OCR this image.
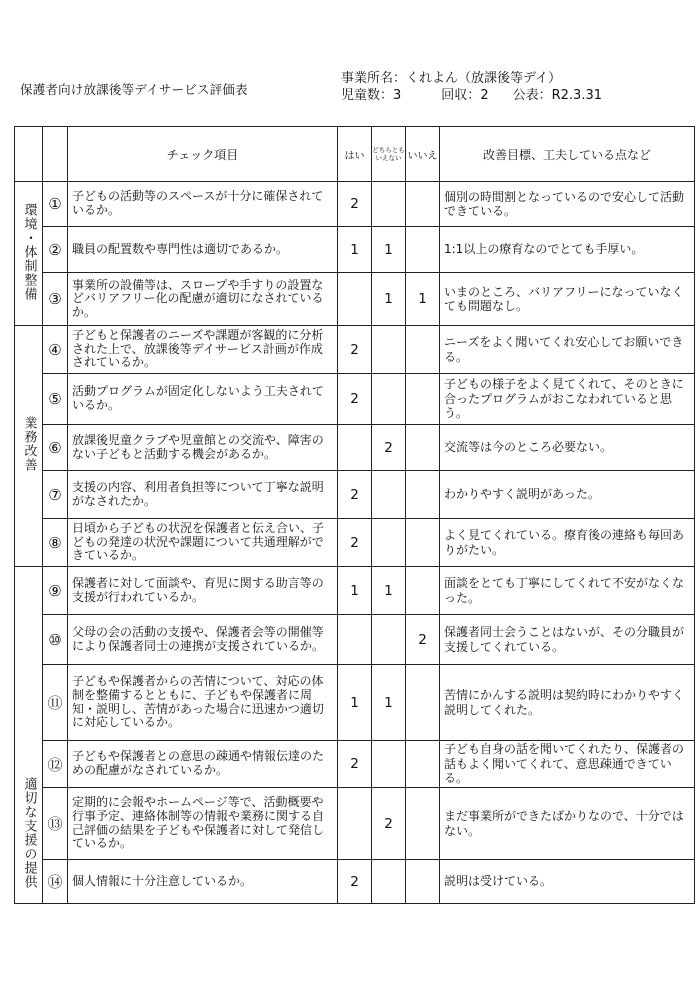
保護者向け放課後等デイサービス評価表
事業所名：くれよん（放課後等デイ）
児童数：3	回収：2 公表：R2.3.31
		チェック項目	はい	どちらとも いえない	いいえ	改善目標、工夫している点など
環境・体制整備	①	子どもの活動等のスペースが十分に確保されているか。	2			個別の時間割となっているので安心して活動できている。
	②	職員の配置数や専門性は適切であるか。	1	1		1:1以上の療育なのでとても手厚い。
	③	事業所の設備等は、スロープや手すりの設置などバリアフリー化の配慮が適切になされているか。		1	1	いまのところ、バリアフリーになっていなくても問題なし。
業務改善	④	子どもと保護者のニーズや課題が客観的に分析された上で、放課後等デイサービス計画が作成されているか。	2			ニーズをよく聞いてくれ安心してお願いできる。
	⑤	活動プログラムが固定化しないよう工夫されているか。	2			子どもの様子をよく見てくれて、そのときに合ったプログラムがおこなわれていると思う。
	⑥	放課後児童クラブや児童館との交流や、障害のない子どもと活動する機会があるか。		2		交流等は今のところ必要ない。
	⑦	支援の内容、利用者負担等について丁寧な説明がなされたか。	2			わかりやすく説明があった。
	⑧	日頃から子どもの状況を保護者と伝え合い、子どもの発達の状況や課題について共通理解ができているか。	2			よく見てくれている。療育後の連絡も毎回ありがたい。
適切な支援の提供	⑨	保護者に対して面談や、育児に関する助言等の支援が行われているか。	1	1		面談をとても丁寧にしてくれて不安がなくなった。
	⑩	父母の会の活動の支援や、保護者会等の開催等により保護者同士の連携が支援されているか。			2	保護者同士会うことはないが、その分職員が支援してくれている。
	⑪	子どもや保護者からの苦情について、対応の体制を整備するとともに、子どもや保護者に周知・説明し、苦情があった場合に迅速かつ適切に対応しているか。	1	1		苦情にかんする説明は契約時にわかりやすく説明してくれた。
	⑫	子どもや保護者との意思の疎通や情報伝達のための配慮がなされているか。	2			子ども自身の話を聞いてくれたり、保護者の話もよく聞いてくれて、意思疎通できている。
	⑬	定期的に会報やホームページ等で、活動概要や行事予定、連絡体制等の情報や業務に関する自己評価の結果を子どもや保護者に対して発信しているか。		2		まだ事業所ができたばかりなので、十分ではない。
	⑭	個人情報に十分注意しているか。	2			説明は受けている。
